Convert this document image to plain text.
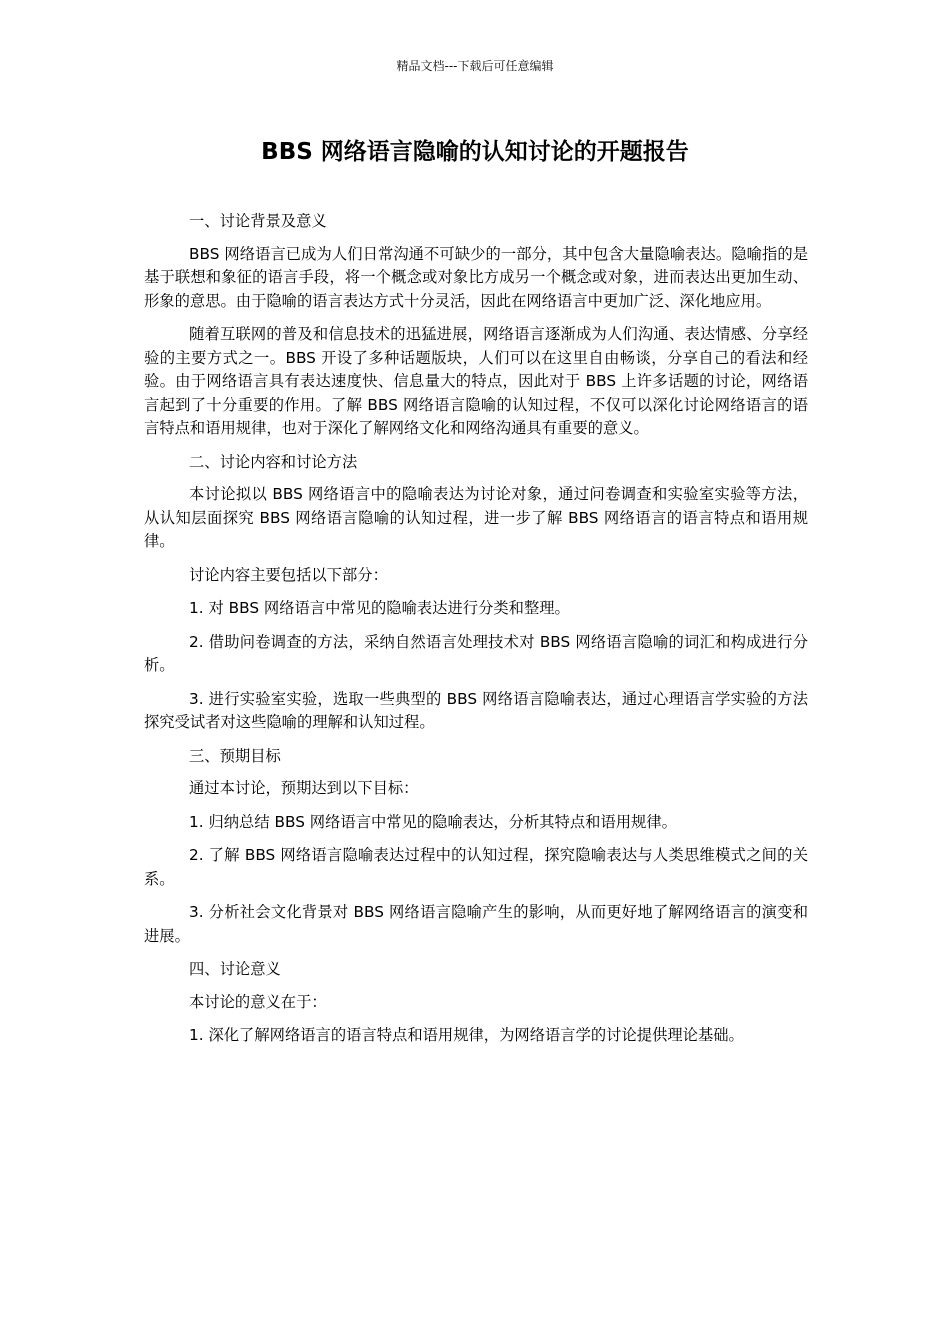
精品文档---下载后可任意编辑
BBS 网络语言隐喻的认知讨论的开题报告

一、讨论背景及意义

BBS 网络语言已成为人们日常沟通不可缺少的一部分，其中包含大量隐喻表达。隐喻指的是基于联想和象征的语言手段，将一个概念或对象比方成另一个概念或对象，进而表达出更加生动、形象的意思。由于隐喻的语言表达方式十分灵活，因此在网络语言中更加广泛、深化地应用。

随着互联网的普及和信息技术的迅猛进展，网络语言逐渐成为人们沟通、表达情感、分享经验的主要方式之一。BBS 开设了多种话题版块，人们可以在这里自由畅谈，分享自己的看法和经验。由于网络语言具有表达速度快、信息量大的特点，因此对于 BBS 上许多话题的讨论，网络语言起到了十分重要的作用。了解 BBS 网络语言隐喻的认知过程，不仅可以深化讨论网络语言的语言特点和语用规律，也对于深化了解网络文化和网络沟通具有重要的意义。

二、讨论内容和讨论方法

本讨论拟以 BBS 网络语言中的隐喻表达为讨论对象，通过问卷调查和实验室实验等方法，从认知层面探究 BBS 网络语言隐喻的认知过程，进一步了解 BBS 网络语言的语言特点和语用规律。

讨论内容主要包括以下部分：

1. 对 BBS 网络语言中常见的隐喻表达进行分类和整理。

2. 借助问卷调查的方法，采纳自然语言处理技术对 BBS 网络语言隐喻的词汇和构成进行分析。

3. 进行实验室实验，选取一些典型的 BBS 网络语言隐喻表达，通过心理语言学实验的方法探究受试者对这些隐喻的理解和认知过程。

三、预期目标

通过本讨论，预期达到以下目标：

1. 归纳总结 BBS 网络语言中常见的隐喻表达，分析其特点和语用规律。

2. 了解 BBS 网络语言隐喻表达过程中的认知过程，探究隐喻表达与人类思维模式之间的关系。

3. 分析社会文化背景对 BBS 网络语言隐喻产生的影响，从而更好地了解网络语言的演变和进展。

四、讨论意义

本讨论的意义在于：

1. 深化了解网络语言的语言特点和语用规律，为网络语言学的讨论提供理论基础。
